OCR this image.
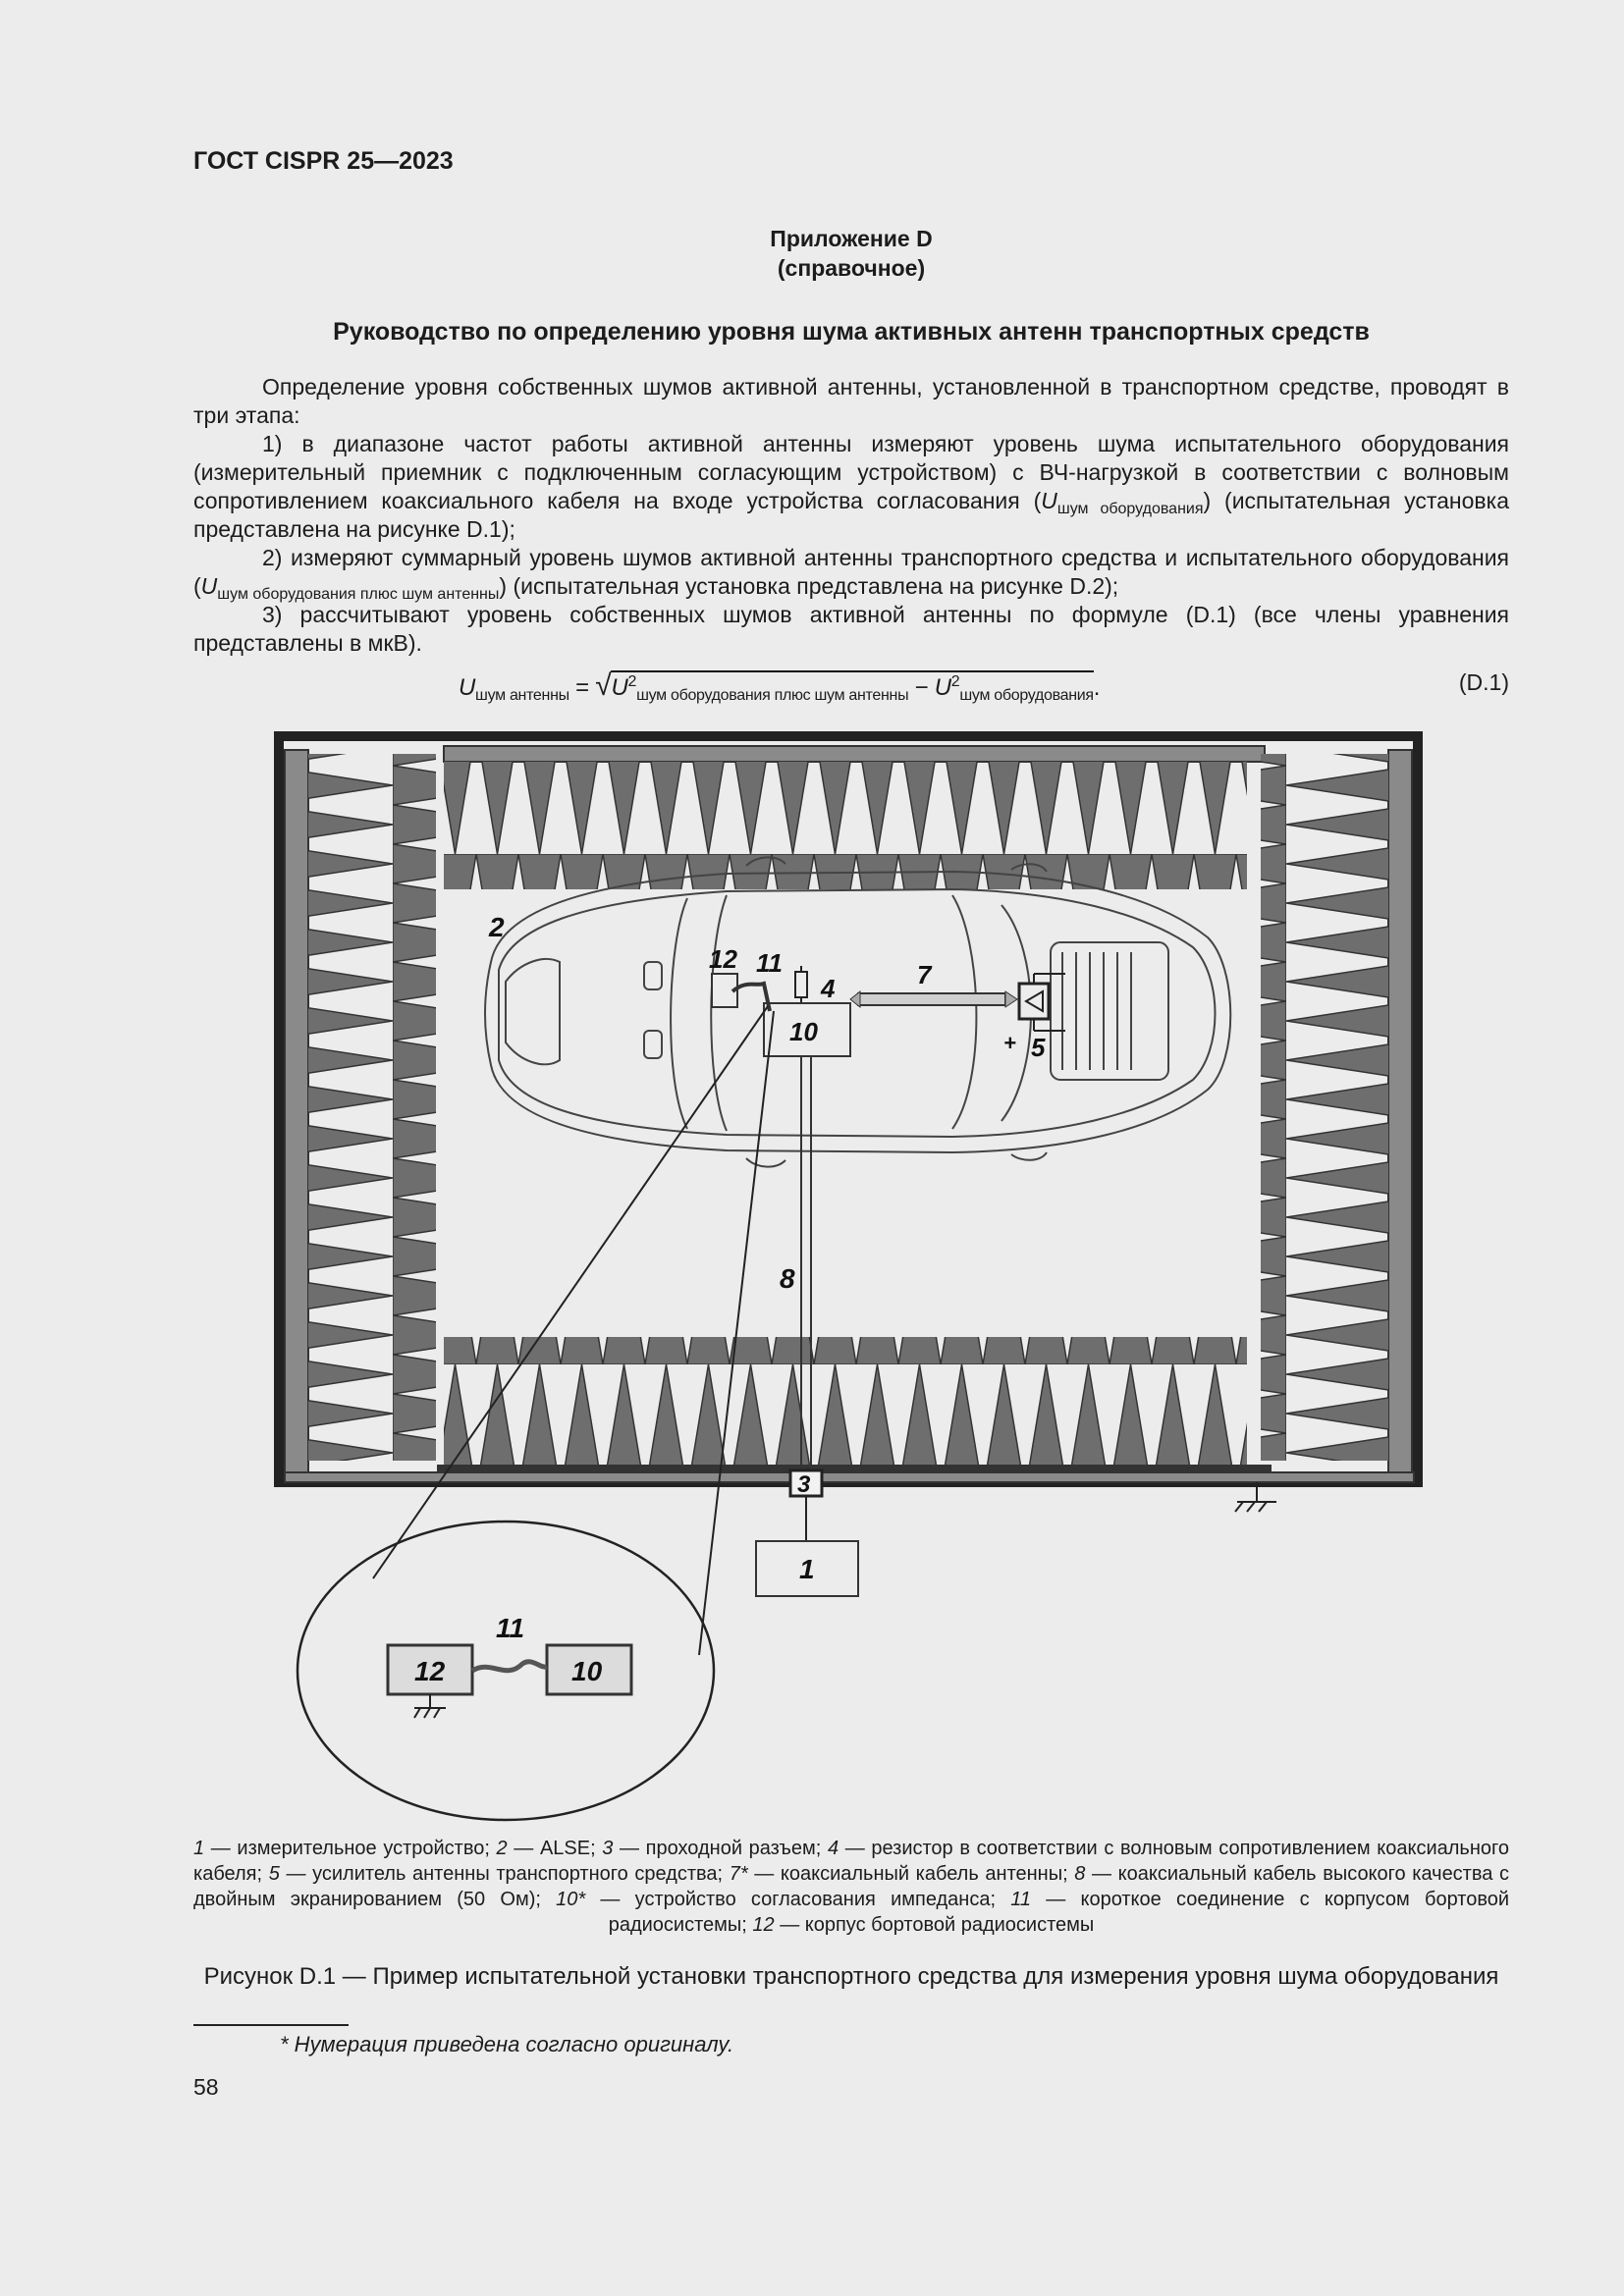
ГОСТ CISPR 25—2023
Приложение D
(справочное)
Руководство по определению уровня шума активных антенн транспортных средств

Определение уровня собственных шумов активной антенны, установленной в транспортном средстве, проводят в три этапа:

1) в диапазоне частот работы активной антенны измеряют уровень шума испытательного оборудования (измерительный приемник с подключенным согласующим устройством) с ВЧ-нагрузкой в соответствии с волновым сопротивлением коаксиального кабеля на входе устройства согласования $(U_{шум оборудования})$ (испытательная установка представлена на рисунке D.1);

2) измеряют суммарный уровень шумов активной антенны транспортного средства и испытательного оборудования $(U_{шум оборудования плюс шум антенны})$ (испытательная установка представлена на рисунке D.2);

3) рассчитывают уровень собственных шумов активной антенны по формуле (D.1) (все члены уравнения представлены в мкВ).

$U_{шум антенны} = √U^2_{шум оборудования плюс шум антенны} - U^2_{шум оборудования}$.	(D.1)
2
12 11
4	7
5
+
10
8
3
1
11
12	10
1 — измерительное устройство; 2 — ALSE; 3 — проходной разъем; 4 — резистор в соответствии с волновым сопротивлением коаксиального кабеля; 5 — усилитель антенны транспортного средства; 7* — коаксиальный кабель антенны; 8 — коаксиальный кабель высокого качества с двойным экранированием (50 Ом); 10* — устройство согласования импеданса; 11 — короткое соединение с корпусом бортовой радиосистемы; 12 — корпус бортовой радиосистемы
Рисунок D.1 — Пример испытательной установки транспортного средства для измерения уровня шума оборудования
* Нумерация приведена согласно оригиналу.
58
